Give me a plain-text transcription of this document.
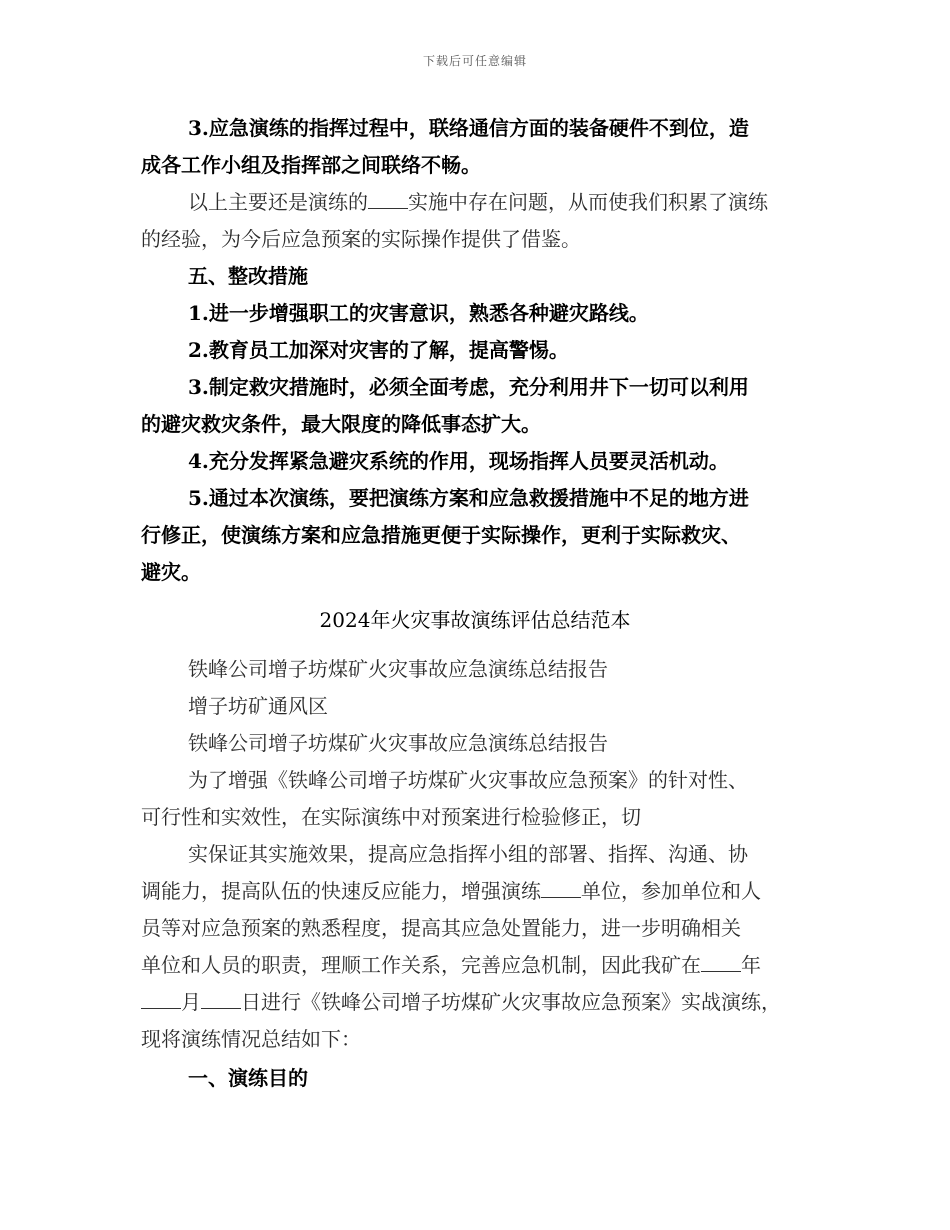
下载后可任意编辑
3.应急演练的指挥过程中，联络通信方面的装备硬件不到位，造
成各工作小组及指挥部之间联络不畅。
以上主要还是演练的 实施中存在问题，从而使我们积累了演练
的经验，为今后应急预案的实际操作提供了借鉴。
五、整改措施
1.进一步增强职工的灾害意识，熟悉各种避灾路线。
2.教育员工加深对灾害的了解，提高警惕。
3.制定救灾措施时，必须全面考虑，充分利用井下一切可以利用
的避灾救灾条件，最大限度的降低事态扩大。
4.充分发挥紧急避灾系统的作用，现场指挥人员要灵活机动。
5.通过本次演练，要把演练方案和应急救援措施中不足的地方进
行修正，使演练方案和应急措施更便于实际操作，更利于实际救灾、
避灾。
2024年火灾事故演练评估总结范本
铁峰公司增子坊煤矿火灾事故应急演练总结报告
增子坊矿通风区
铁峰公司增子坊煤矿火灾事故应急演练总结报告
为了增强《铁峰公司增子坊煤矿火灾事故应急预案》的针对性、
可行性和实效性，在实际演练中对预案进行检验修正，切
实保证其实施效果，提高应急指挥小组的部署、指挥、沟通、协
调能力，提高队伍的快速反应能力，增强演练 单位，参加单位和人
员等对应急预案的熟悉程度，提高其应急处置能力，进一步明确相关
单位和人员的职责，理顺工作关系，完善应急机制，因此我矿在 年
月 日进行《铁峰公司增子坊煤矿火灾事故应急预案》实战演练，
现将演练情况总结如下：
一、演练目的
